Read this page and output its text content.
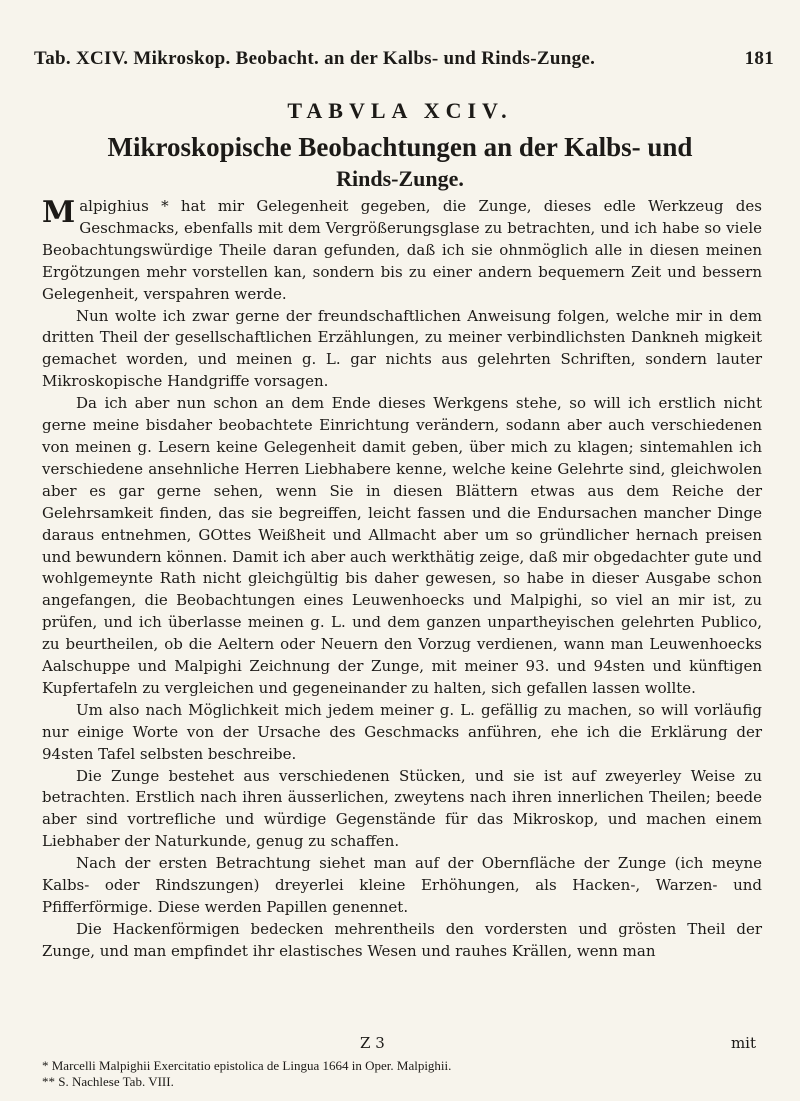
Tab. XCIV. Mikroskop. Beobacht. an der Kalbs- und Rinds-Zunge.	181
TABVLA XCIV.
Mikroskopische Beobachtungen an der Kalbs- und
Rinds-Zunge.

Malpighius * hat mir Gelegenheit gegeben, die Zunge, dieses edle Werkzeug des Geschmacks, ebenfalls mit dem Vergrößerungsglase zu betrachten, und ich habe so viele Beobachtungswürdige Theile daran gefunden, daß ich sie ohnmöglich alle in diesen meinen Ergötzungen mehr vorstellen kan, sondern bis zu einer andern bequemern Zeit und bessern Gelegenheit, verspahren werde.

Nun wolte ich zwar gerne der freundschaftlichen Anweisung folgen, welche mir in dem dritten Theil der gesellschaftlichen Erzählungen, zu meiner verbindlichsten Dankneh migkeit gemachet worden, und meinen g. L. gar nichts aus gelehrten Schriften, sondern lauter Mikroskopische Handgriffe vorsagen.

Da ich aber nun schon an dem Ende dieses Werkgens stehe, so will ich erstlich nicht gerne meine bisdaher beobachtete Einrichtung verändern, sodann aber auch verschiedenen von meinen g. Lesern keine Gelegenheit damit geben, über mich zu klagen; sintemahlen ich verschiedene ansehnliche Herren Liebhabere kenne, welche keine Gelehrte sind, gleichwolen aber es gar gerne sehen, wenn Sie in diesen Blättern etwas aus dem Reiche der Gelehrsamkeit finden, das sie begreiffen, leicht fassen und die Endursachen mancher Dinge daraus entnehmen, GOttes Weißheit und Allmacht aber um so gründlicher hernach preisen und bewundern können. Damit ich aber auch werkthätig zeige, daß mir obgedachter gute und wohlgemeynte Rath nicht gleichgültig bis daher gewesen, so habe in dieser Ausgabe schon angefangen, die Beobachtungen eines Leuwenhoecks und Malpighi, so viel an mir ist, zu prüfen, und ich überlasse meinen g. L. und dem ganzen unpartheyischen gelehrten Publico, zu beurtheilen, ob die Aeltern oder Neuern den Vorzug verdienen, wann man Leuwenhoecks Aalschuppe und Malpighi Zeichnung der Zunge, mit meiner 93. und 94sten und künftigen Kupfertafeln zu vergleichen und gegeneinander zu halten, sich gefallen lassen wollte.

Um also nach Möglichkeit mich jedem meiner g. L. gefällig zu machen, so will vorläufig nur einige Worte von der Ursache des Geschmacks anführen, ehe ich die Erklärung der 94sten Tafel selbsten beschreibe.

Die Zunge bestehet aus verschiedenen Stücken, und sie ist auf zweyerley Weise zu betrachten. Erstlich nach ihren äusserlichen, zweytens nach ihren innerlichen Theilen; beede aber sind vortrefliche und würdige Gegenstände für das Mikroskop, und machen einem Liebhaber der Naturkunde, genug zu schaffen.

Nach der ersten Betrachtung siehet man auf der Obernfläche der Zunge (ich meyne Kalbs- oder Rindszungen) dreyerlei kleine Erhöhungen, als Hacken-, Warzen- und Pfifferförmige. Diese werden Papillen genennet.

Die Hackenförmigen bedecken mehrentheils den vordersten und grösten Theil der Zunge, und man empfindet ihr elastisches Wesen und rauhes Krällen, wenn man

Z 3	mit
* Marcelli Malpighii Exercitatio epistolica de Lingua 1664 in Oper. Malpighii.
** S. Nachlese Tab. VIII.
